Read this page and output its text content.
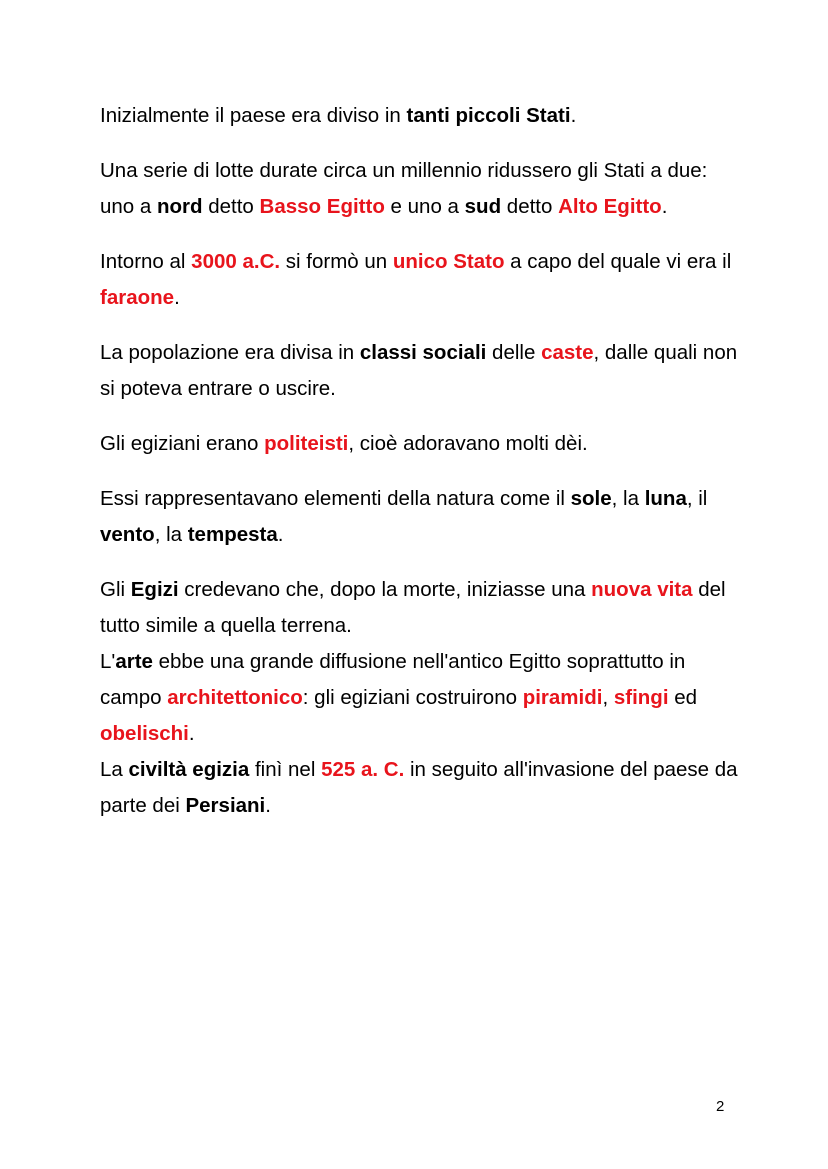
Inizialmente il paese era diviso in tanti piccoli Stati.

Una serie di lotte durate circa un millennio ridussero gli Stati a due: uno a nord detto Basso Egitto e uno a sud detto Alto Egitto.

Intorno al 3000 a.C. si formò un unico Stato a capo del quale vi era il faraone.

La popolazione era divisa in classi sociali delle caste, dalle quali non si poteva entrare o uscire.

Gli egiziani erano politeisti, cioè adoravano molti dèi.

Essi rappresentavano elementi della natura come il sole, la luna, il vento, la tempesta.

Gli Egizi credevano che, dopo la morte, iniziasse una nuova vita del tutto simile a quella terrena.

L'arte ebbe una grande diffusione nell'antico Egitto soprattutto in campo architettonico: gli egiziani costruirono piramidi, sfingi ed obelischi.

La civiltà egizia finì nel 525 a. C. in seguito all'invasione del paese da parte dei Persiani.

2
